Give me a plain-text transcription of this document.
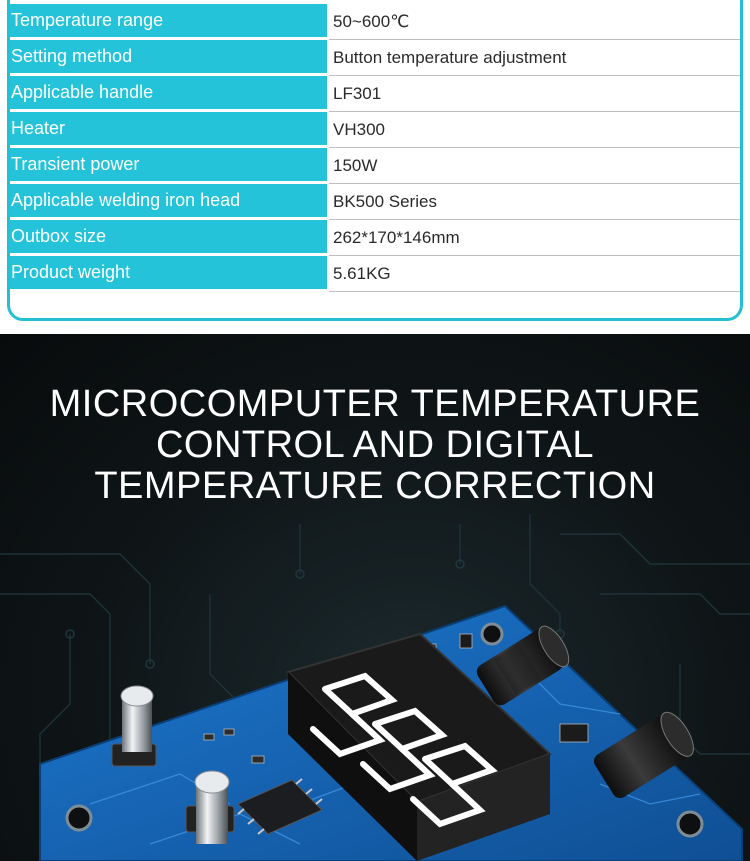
Temperature range	50~600℃
Setting method	Button temperature adjustment
Applicable handle	LF301
Heater	VH300
Transient power	150W
Applicable welding iron head	BK500 Series
Outbox size	262*170*146mm
Product weight	5.61KG
MICROCOMPUTER TEMPERATURE
CONTROL AND DIGITAL
TEMPERATURE CORRECTION
